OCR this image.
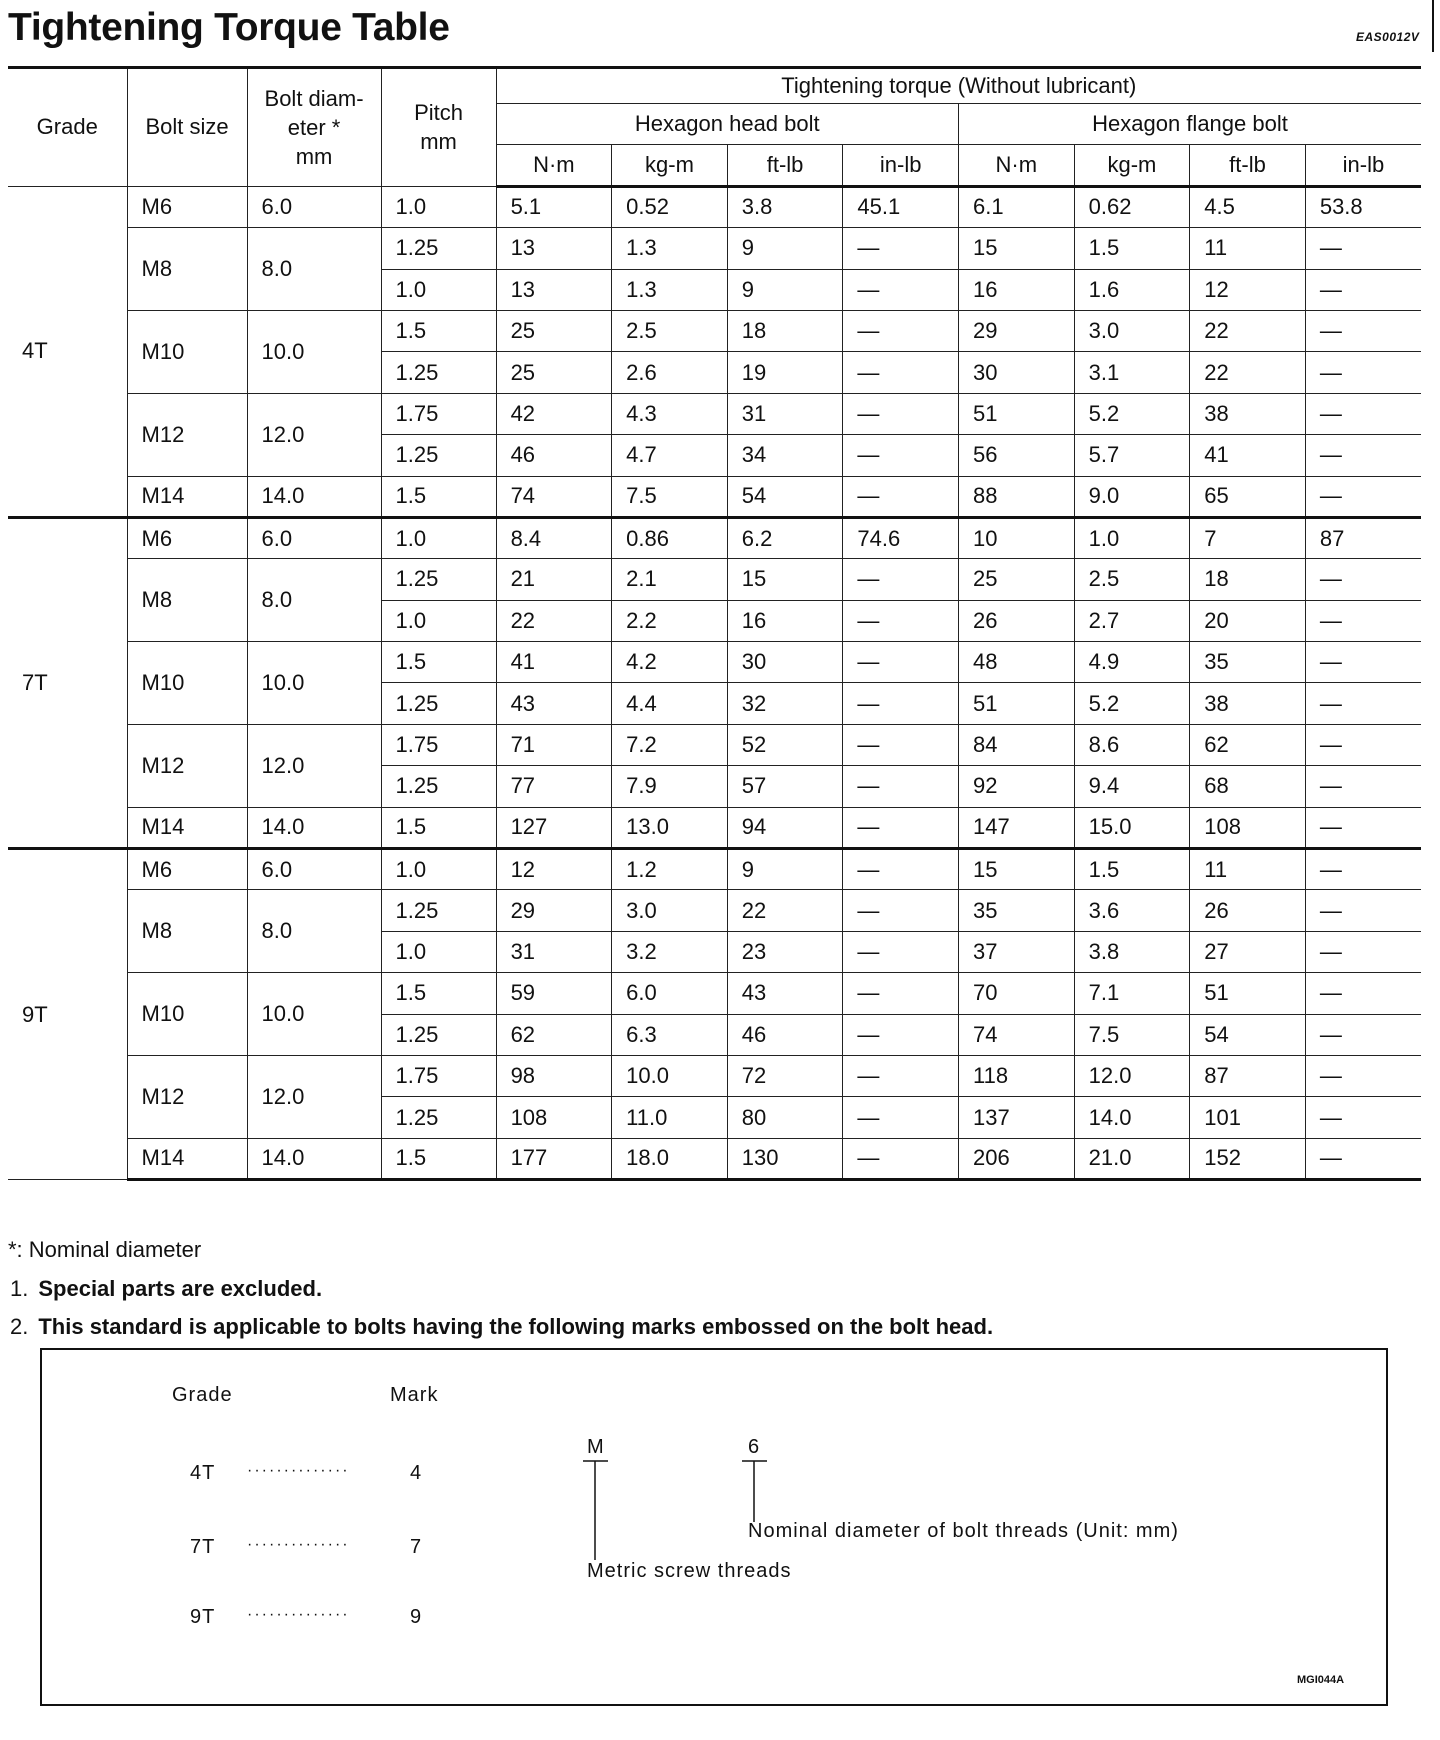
Tightening Torque Table	EAS0012V
Grade	Bolt size	Bolt diam-
eter *
mm	Pitch
mm	Tightening torque (Without lubricant)							
				Hexagon head bolt				Hexagon flange bolt			
				N·m	kg-m	ft-lb	in-lb	N·m	kg-m	ft-lb	in-lb
4T	M6	6.0	1.0	5.1	0.52	3.8	45.1	6.1	0.62	4.5	53.8
	M8	8.0	1.25	13	1.3	9	—	15	1.5	11	—
			1.0	13	1.3	9	—	16	1.6	12	—
	M10	10.0	1.5	25	2.5	18	—	29	3.0	22	—
			1.25	25	2.6	19	—	30	3.1	22	—
	M12	12.0	1.75	42	4.3	31	—	51	5.2	38	—
			1.25	46	4.7	34	—	56	5.7	41	—
	M14	14.0	1.5	74	7.5	54	—	88	9.0	65	—
7T	M6	6.0	1.0	8.4	0.86	6.2	74.6	10	1.0	7	87
	M8	8.0	1.25	21	2.1	15	—	25	2.5	18	—
			1.0	22	2.2	16	—	26	2.7	20	—
	M10	10.0	1.5	41	4.2	30	—	48	4.9	35	—
			1.25	43	4.4	32	—	51	5.2	38	—
	M12	12.0	1.75	71	7.2	52	—	84	8.6	62	—
			1.25	77	7.9	57	—	92	9.4	68	—
	M14	14.0	1.5	127	13.0	94	—	147	15.0	108	—
9T	M6	6.0	1.0	12	1.2	9	—	15	1.5	11	—
	M8	8.0	1.25	29	3.0	22	—	35	3.6	26	—
			1.0	31	3.2	23	—	37	3.8	27	—
	M10	10.0	1.5	59	6.0	43	—	70	7.1	51	—
			1.25	62	6.3	46	—	74	7.5	54	—
	M12	12.0	1.75	98	10.0	72	—	118	12.0	87	—
			1.25	108	11.0	80	—	137	14.0	101	—
	M14	14.0	1.5	177	18.0	130	—	206	21.0	152	—
*: Nominal diameter
1. Special parts are excluded.
2. This standard is applicable to bolts having the following marks embossed on the bolt head.
Grade	Mark
4T ··············	4
7T ··············	7
9T ··············	9
M	6
Nominal diameter of bolt threads (Unit: mm)
Metric screw threads
MGI044A
